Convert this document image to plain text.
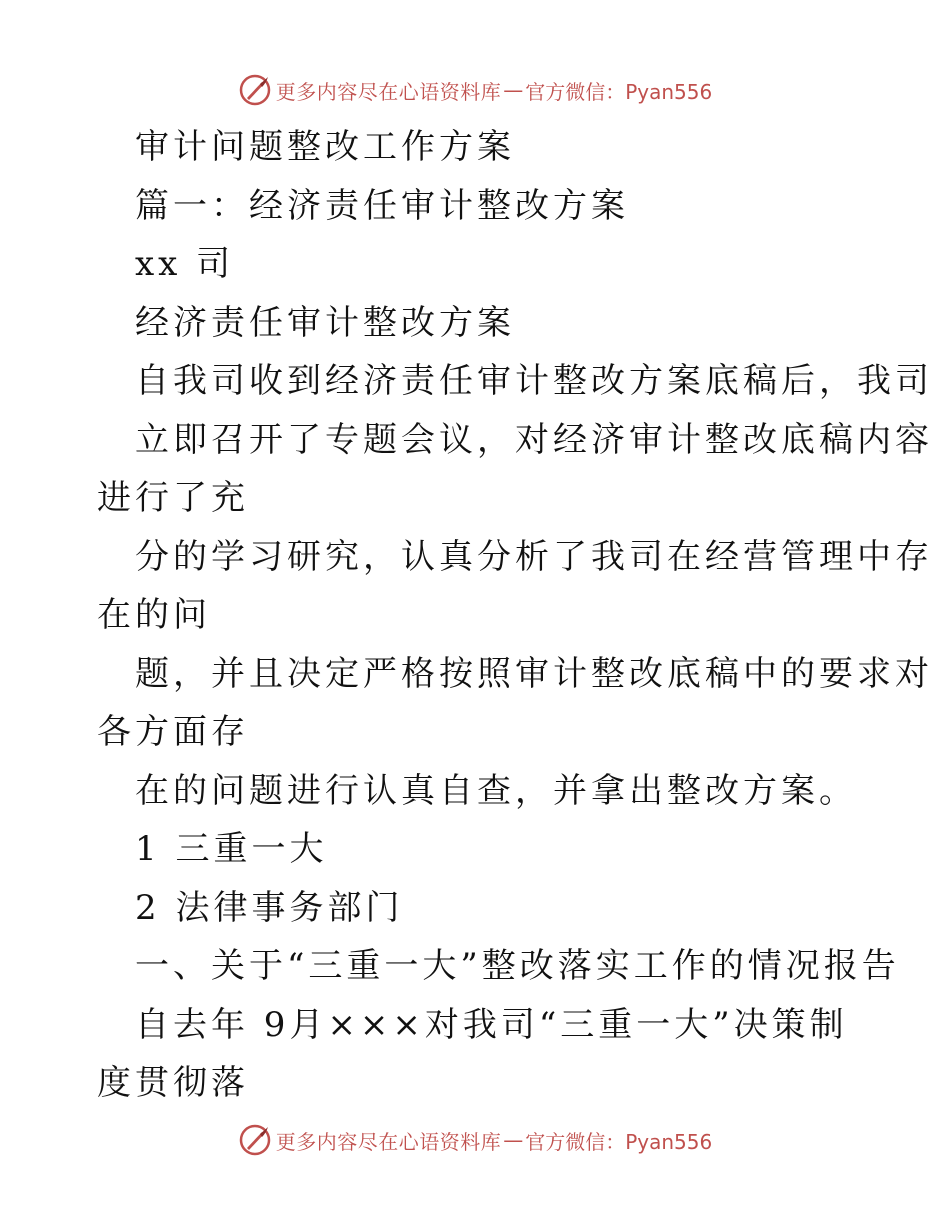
更多内容尽在心语资料库 — 官方微信：Pyan556
审计问题整改工作方案
篇一：经济责任审计整改方案
xx 司
经济责任审计整改方案
自我司收到经济责任审计整改方案底稿后，我司
立即召开了专题会议，对经济审计整改底稿内容
进行了充
分的学习研究，认真分析了我司在经营管理中存
在的问
题，并且决定严格按照审计整改底稿中的要求对
各方面存
在的问题进行认真自查，并拿出整改方案。
1 三重一大
2 法律事务部门
一、关于“三重一大”整改落实工作的情况报告
自去年 9月×××对我司“三重一大”决策制
度贯彻落
更多内容尽在心语资料库 — 官方微信：Pyan556
